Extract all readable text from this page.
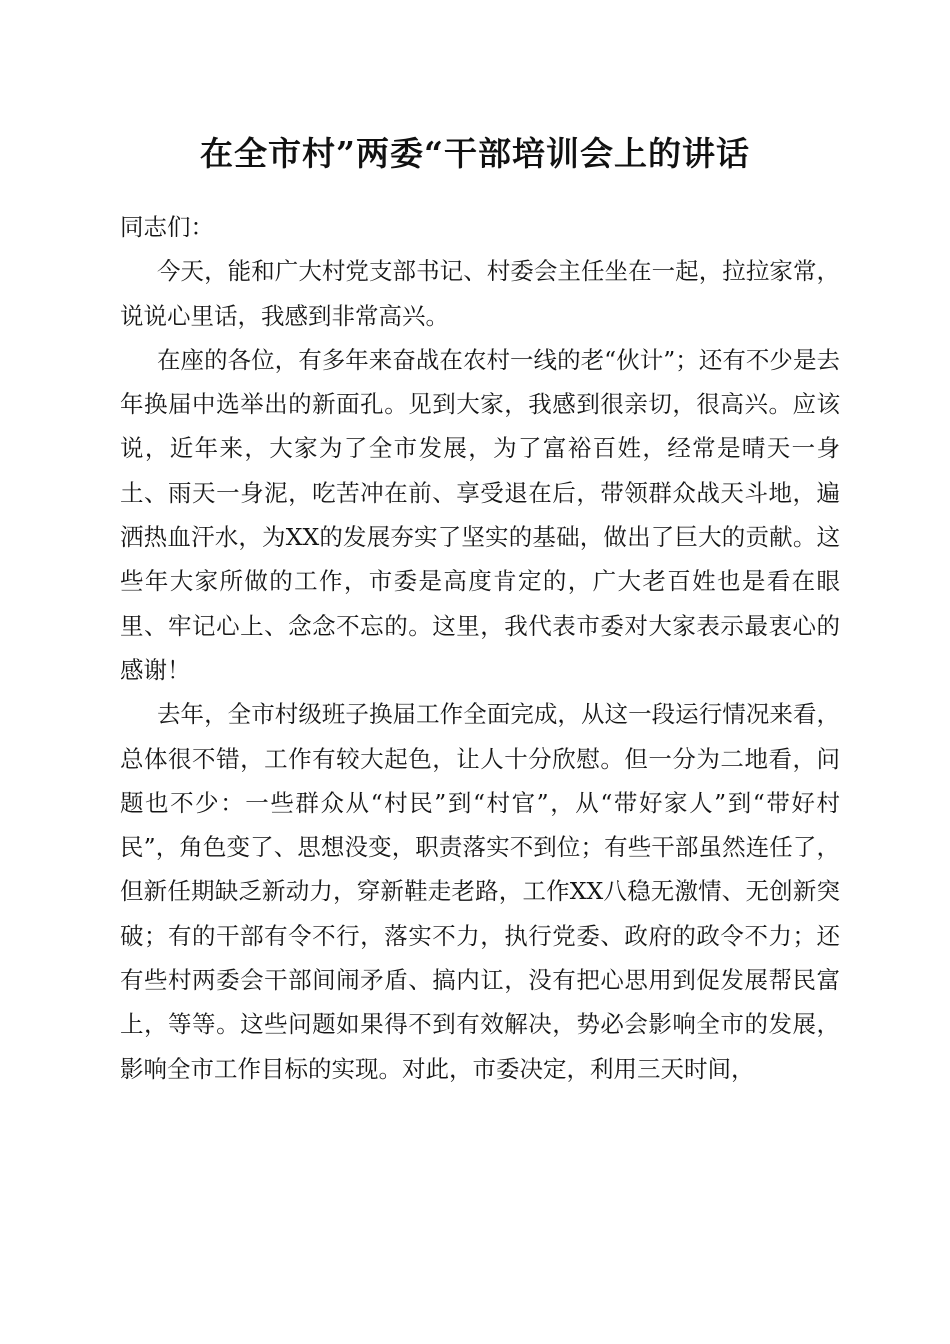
在全市村”两委“干部培训会上的讲话

同志们：

今天，能和广大村党支部书记、村委会主任坐在一起，拉拉家常，说说心里话，我感到非常高兴。

在座的各位，有多年来奋战在农村一线的老“伙计”；还有不少是去年换届中选举出的新面孔。见到大家，我感到很亲切，很高兴。应该说，近年来，大家为了全市发展，为了富裕百姓，经常是晴天一身土、雨天一身泥，吃苦冲在前、享受退在后，带领群众战天斗地，遍洒热血汗水，为XX的发展夯实了坚实的基础，做出了巨大的贡献。这些年大家所做的工作，市委是高度肯定的，广大老百姓也是看在眼里、牢记心上、念念不忘的。这里，我代表市委对大家表示最衷心的感谢！

去年，全市村级班子换届工作全面完成，从这一段运行情况来看，总体很不错，工作有较大起色，让人十分欣慰。但一分为二地看，问题也不少：一些群众从“村民”到“村官”，从“带好家人”到“带好村民”，角色变了、思想没变，职责落实不到位；有些干部虽然连任了，但新任期缺乏新动力，穿新鞋走老路，工作XX八稳无激情、无创新突破；有的干部有令不行，落实不力，执行党委、政府的政令不力；还有些村两委会干部间闹矛盾、搞内讧，没有把心思用到促发展帮民富上，等等。这些问题如果得不到有效解决，势必会影响全市的发展，影响全市工作目标的实现。对此，市委决定，利用三天时间，
